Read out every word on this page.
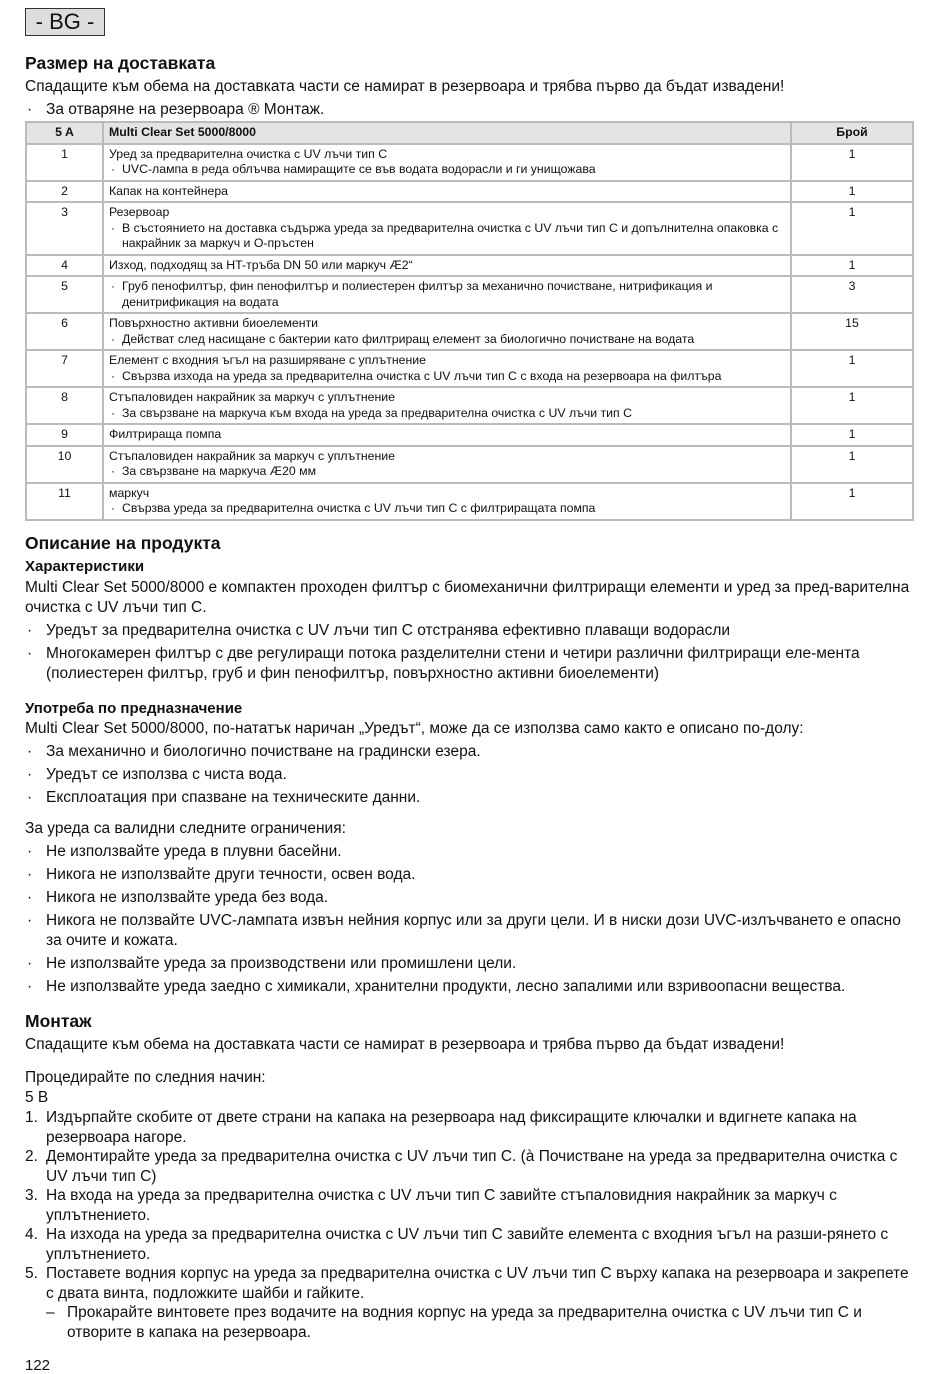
- BG -
Размер на доставката

Спадащите към обема на доставката части се намират в резервоара и трябва първо да бъдат извадени!

· За отваряне на резервоара ® Монтаж.
5 A	Multi Clear Set 5000/8000	Брой
1	Уред за предварителна очистка с UV лъчи тип C
· UVC-лампа в реда облъчва намиращите се във водата водорасли и ги унищожава	1
2	Капак на контейнера	1
3	Резервоар
· В състоянието на доставка съдържа уреда за предварителна очистка с UV лъчи тип C и допълнителна опаковка с накрайник за маркуч и O-пръстен	1
4	Изход, подходящ за HT-тръба DN 50 или маркуч Æ2“	1
5	· Груб пенофилтър, фин пенофилтър и полиестерен филтър за механично почистване, нитрификация и денитрификация на водата	3
6	Повърхностно активни биоелементи
· Действат след насищане с бактерии като филтриращ елемент за биологично почистване на водата	15
7	Елемент с входния ъгъл на разширяване с уплътнение
· Свързва изхода на уреда за предварителна очистка с UV лъчи тип C с входа на резервоара на филтъра	1
8	Стъпаловиден накрайник за маркуч с уплътнение
· За свързване на маркуча към входа на уреда за предварителна очистка с UV лъчи тип C	1
9	Филтрираща помпа	1
10	Стъпаловиден накрайник за маркуч с уплътнение
· За свързване на маркуча Æ20 мм	1
11	маркуч
· Свързва уреда за предварителна очистка с UV лъчи тип C с филтриращата помпа	1
Описание на продукта
Характеристики

Multi Clear Set 5000/8000 е компактен проходен филтър с биомеханични филтриращи елементи и уред за пред-варителна очистка с UV лъчи тип C.

· Уредът за предварителна очистка с UV лъчи тип C отстранява ефективно плаващи водорасли
· Многокамерен филтър с две регулиращи потока разделителни стени и четири различни филтриращи еле-мента (полиестерен филтър, груб и фин пенофилтър, повърхностно активни биоелементи)
Употреба по предназначение

Multi Clear Set 5000/8000, по-нататък наричан „Уредът“, може да се използва само както е описано по-долу:

· За механично и биологично почистване на градински езера.
· Уредът се използва с чиста вода.
· Експлоатация при спазване на техническите данни.

За уреда са валидни следните ограничения:

· Не използвайте уреда в плувни басейни.
· Никога не използвайте други течности, освен вода.
· Никога не използвайте уреда без вода.
· Никога не ползвайте UVC-лампата извън нейния корпус или за други цели. И в ниски дози UVC-излъчването е опасно за очите и кожата.
· Не използвайте уреда за производствени или промишлени цели.
· Не използвайте уреда заедно с химикали, хранителни продукти, лесно запалими или взривоопасни вещества.
Монтаж

Спадащите към обема на доставката части се намират в резервоара и трябва първо да бъдат извадени!

Процедирайте по следния начин:

5 B

1. Издърпайте скобите от двете страни на капака на резервоара над фиксиращите ключалки и вдигнете капака на резервоара нагоре.
2. Демонтирайте уреда за предварителна очистка с UV лъчи тип C. (à Почистване на уреда за предварителна очистка с UV лъчи тип C)
3. На входа на уреда за предварителна очистка с UV лъчи тип C завийте стъпаловидния накрайник за маркуч с уплътнението.
4. На изхода на уреда за предварителна очистка с UV лъчи тип C завийте елемента с входния ъгъл на разши-рянето с уплътнението.
5. Поставете водния корпус на уреда за предварителна очистка с UV лъчи тип C върху капака на резервоара и закрепете с двата винта, подложките шайби и гайките.
– Прокарайте винтовете през водачите на водния корпус на уреда за предварителна очистка с UV лъчи тип C и отворите в капака на резервоара.
122
